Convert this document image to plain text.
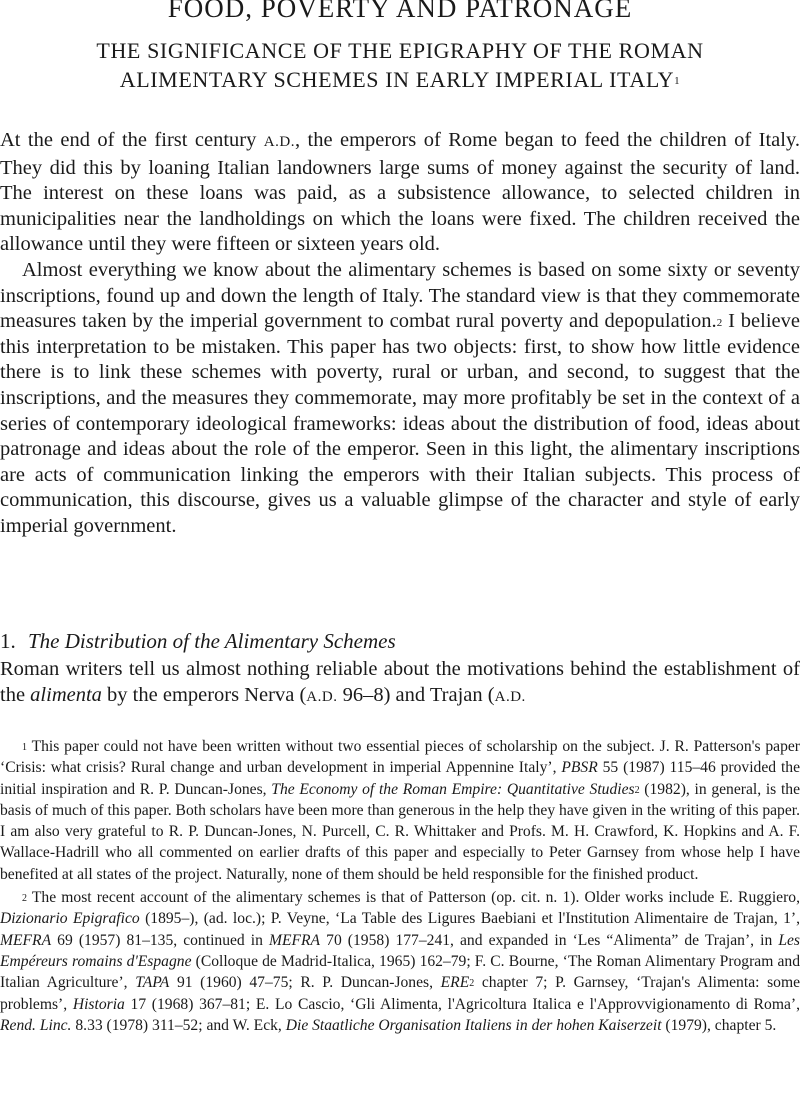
FOOD, POVERTY AND PATRONAGE
THE SIGNIFICANCE OF THE EPIGRAPHY OF THE ROMAN
ALIMENTARY SCHEMES IN EARLY IMPERIAL ITALY$^1$

At the end of the first century A.D., the emperors of Rome began to feed the children of Italy. They did this by loaning Italian landowners large sums of money against the security of land. The interest on these loans was paid, as a subsistence allowance, to selected children in municipalities near the landholdings on which the loans were fixed. The children received the allowance until they were fifteen or sixteen years old.

Almost everything we know about the alimentary schemes is based on some sixty or seventy inscriptions, found up and down the length of Italy. The standard view is that they commemorate measures taken by the imperial government to combat rural poverty and depopulation.$^2$ I believe this interpretation to be mistaken. This paper has two objects: first, to show how little evidence there is to link these schemes with poverty, rural or urban, and second, to suggest that the inscriptions, and the measures they commemorate, may more profitably be set in the context of a series of contemporary ideological frameworks: ideas about the distribution of food, ideas about patronage and ideas about the role of the emperor. Seen in this light, the alimentary inscriptions are acts of communication linking the emperors with their Italian subjects. This process of communication, this discourse, gives us a valuable glimpse of the character and style of early imperial government.

1. The Distribution of the Alimentary Schemes

Roman writers tell us almost nothing reliable about the motivations behind the establishment of the alimenta by the emperors Nerva (A.D. 96–8) and Trajan (A.D.

$^1$ This paper could not have been written without two essential pieces of scholarship on the subject. J. R. Patterson's paper ‘Crisis: what crisis? Rural change and urban development in imperial Appennine Italy’, PBSR 55 (1987) 115–46 provided the initial inspiration and R. P. Duncan-Jones, The Economy of the Roman Empire: Quantitative Studies$^2$ (1982), in general, is the basis of much of this paper. Both scholars have been more than generous in the help they have given in the writing of this paper. I am also very grateful to R. P. Duncan-Jones, N. Purcell, C. R. Whittaker and Profs. M. H. Crawford, K. Hopkins and A. F. Wallace-Hadrill who all commented on earlier drafts of this paper and especially to Peter Garnsey from whose help I have benefited at all states of the project. Naturally, none of them should be held responsible for the finished product.

$^2$ The most recent account of the alimentary schemes is that of Patterson (op. cit. n. 1). Older works include E. Ruggiero, Dizionario Epigrafico (1895–), (ad. loc.); P. Veyne, ‘La Table des Ligures Baebiani et l'Institution Alimentaire de Trajan, 1’, MEFRA 69 (1957) 81–135, continued in MEFRA 70 (1958) 177–241, and expanded in ‘Les “Alimenta” de Trajan’, in Les Empéreurs romains d'Espagne (Colloque de Madrid-Italica, 1965) 162–79; F. C. Bourne, ‘The Roman Alimentary Program and Italian Agriculture’, TAPA 91 (1960) 47–75; R. P. Duncan-Jones, ERE$^2$ chapter 7; P. Garnsey, ‘Trajan's Alimenta: some problems’, Historia 17 (1968) 367–81; E. Lo Cascio, ‘Gli Alimenta, l'Agricoltura Italica e l'Approvvigionamento di Roma’, Rend. Linc. 8.33 (1978) 311–52; and W. Eck, Die Staatliche Organisation Italiens in der hohen Kaiserzeit (1979), chapter 5.
